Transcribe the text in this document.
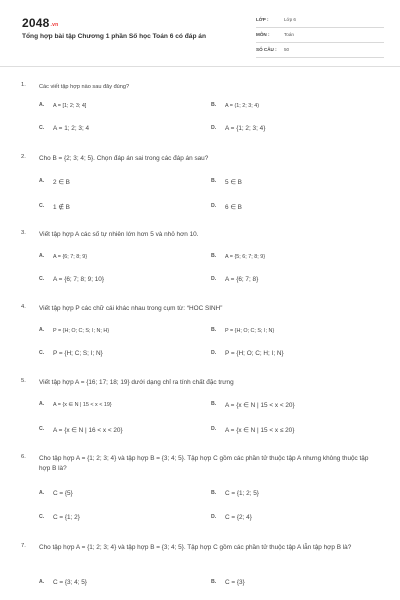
2048.vn
Tổng hợp bài tập Chương 1 phần Số học Toán 6 có đáp án
LỚP :	Lớp 6
MÔN :	Toán
SỐ CÂU : 50
1. Các viết tập hợp nào sau đây đúng?
A. A = [1; 2; 3; 4]	B. A = (1; 2; 3; 4)
C. A = 1; 2; 3; 4	D. A = {1; 2; 3; 4}
2. Cho B = {2; 3; 4; 5}. Chọn đáp án sai trong các đáp án sau?
A. 2 ∈ B	B. 5 ∈ B
C. 1 ∉ B	D. 6 ∈ B
3. Viết tập hợp A các số tự nhiên lớn hơn 5 và nhỏ hơn 10.
A. A = {6; 7; 8; 9}	B. A = {5; 6; 7; 8; 9}
C. A = {6; 7; 8; 9; 10}	D. A = {6; 7; 8}
4. Viết tập hợp P các chữ cái khác nhau trong cụm từ: “HOC SINH”
A. P = {H; O; C; S; I; N; H}	B. P = {H; O; C; S; I; N}
C. P = {H; C; S; I; N}	D. P = {H; O; C; H; I; N}
5. Viết tập hợp A = {16; 17; 18; 19} dưới dạng chỉ ra tính chất đặc trưng
A. A = {x ∈ N | 15 < x < 19}	B. A = {x ∈ N | 15 < x < 20}
C. A = {x ∈ N | 16 < x < 20}	D. A = {x ∈ N | 15 < x ≤ 20}
6. Cho tập hợp A = {1; 2; 3; 4} và tập hợp B = {3; 4; 5}. Tập hợp C gồm các phần tử thuộc tập A nhưng không thuộc tập hợp B là?
A. C = {5}	B. C = {1; 2; 5}
C. C = {1; 2}	D. C = {2; 4}
7. Cho tập hợp A = {1; 2; 3; 4} và tập hợp B = {3; 4; 5}. Tập hợp C gồm các phần tử thuộc tập A lẫn tập hợp B là?
A. C = {3; 4; 5}	B. C = {3}
